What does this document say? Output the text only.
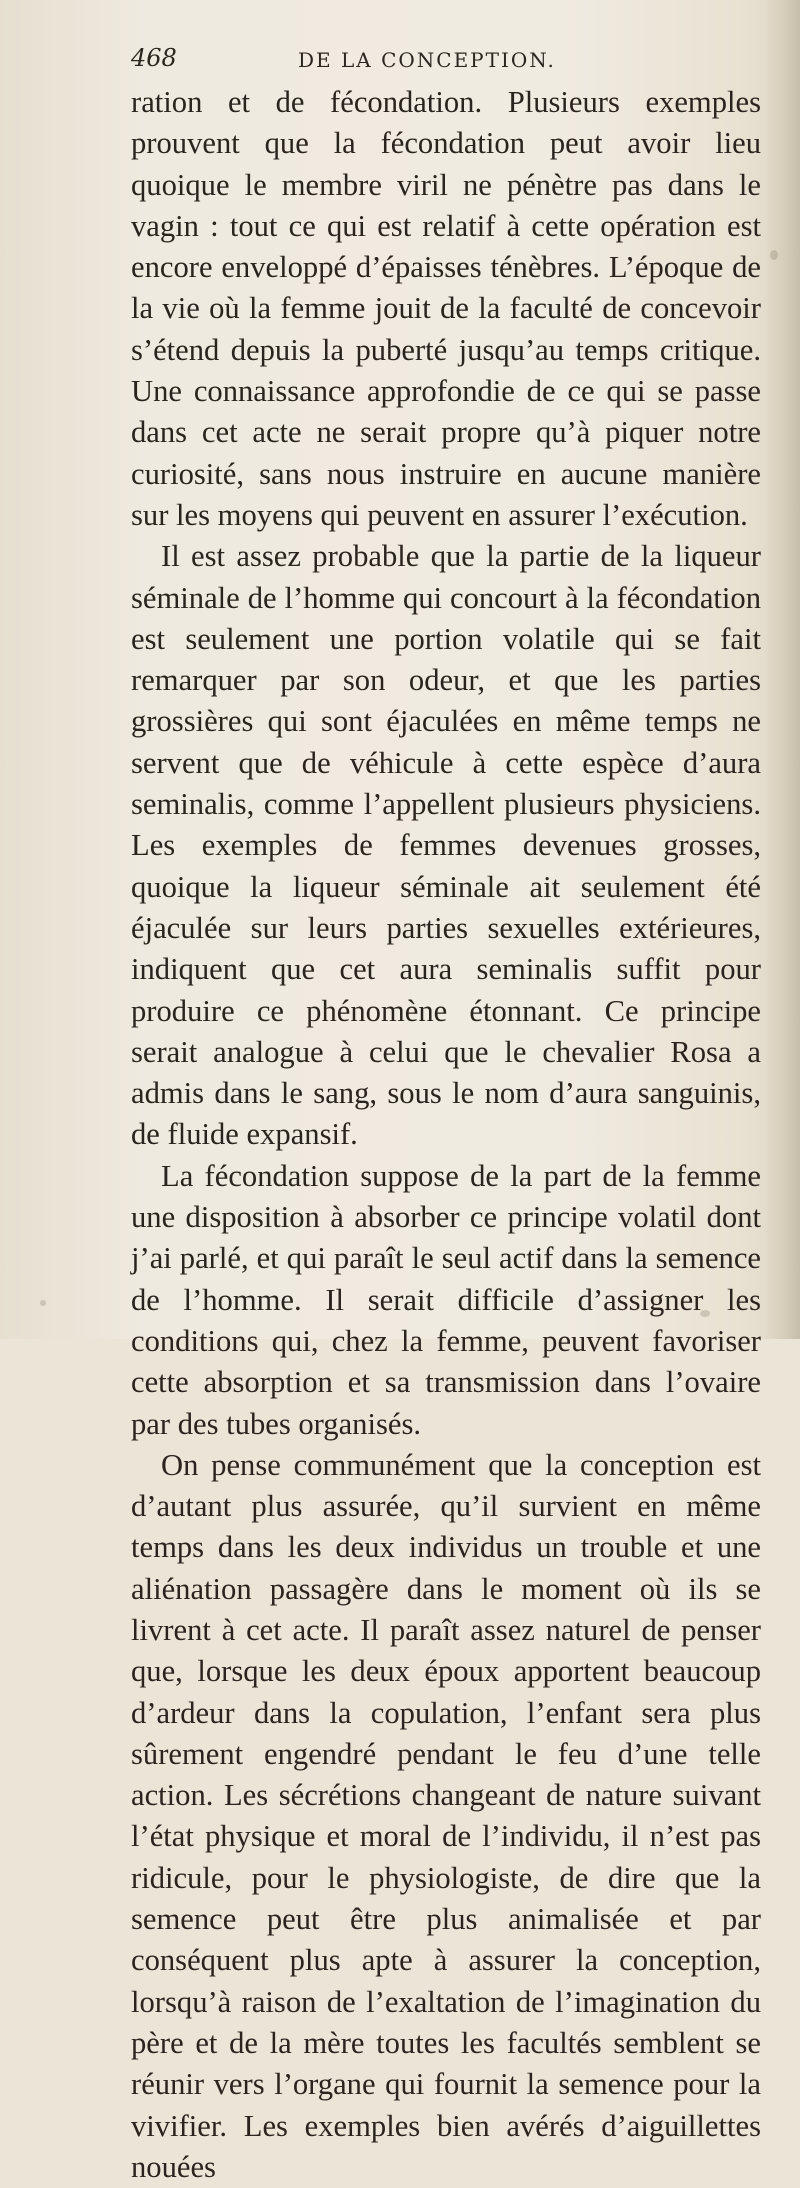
468	DE LA CONCEPTION.

ration et de fécondation. Plusieurs exemples prouvent que la fécondation peut avoir lieu quoique le membre viril ne pénètre pas dans le vagin : tout ce qui est relatif à cette opération est encore enveloppé d’épaisses ténèbres. L’époque de la vie où la femme jouit de la faculté de concevoir s’étend depuis la puberté jusqu’au temps critique. Une connaissance approfondie de ce qui se passe dans cet acte ne serait propre qu’à piquer notre curiosité, sans nous instruire en aucune manière sur les moyens qui peuvent en assurer l’exécution.

Il est assez probable que la partie de la liqueur séminale de l’homme qui concourt à la fécondation est seulement une portion volatile qui se fait remarquer par son odeur, et que les parties grossières qui sont éjaculées en même temps ne servent que de véhicule à cette espèce d’aura seminalis, comme l’appellent plusieurs physiciens. Les exemples de femmes devenues grosses, quoique la liqueur séminale ait seulement été éjaculée sur leurs parties sexuelles extérieures, indiquent que cet aura seminalis suffit pour produire ce phénomène étonnant. Ce principe serait analogue à celui que le chevalier Rosa a admis dans le sang, sous le nom d’aura sanguinis, de fluide expansif.

La fécondation suppose de la part de la femme une disposition à absorber ce principe volatil dont j’ai parlé, et qui paraît le seul actif dans la semence de l’homme. Il serait difficile d’assigner les conditions qui, chez la femme, peuvent favoriser cette absorption et sa transmission dans l’ovaire par des tubes organisés.

On pense communément que la conception est d’autant plus assurée, qu’il survient en même temps dans les deux individus un trouble et une aliénation passagère dans le moment où ils se livrent à cet acte. Il paraît assez naturel de penser que, lorsque les deux époux apportent beaucoup d’ardeur dans la copulation, l’enfant sera plus sûrement engendré pendant le feu d’une telle action. Les sécrétions changeant de nature suivant l’état physique et moral de l’individu, il n’est pas ridicule, pour le physiologiste, de dire que la semence peut être plus animalisée et par conséquent plus apte à assurer la conception, lorsqu’à raison de l’exaltation de l’imagination du père et de la mère toutes les facultés semblent se réunir vers l’organe qui fournit la semence pour la vivifier. Les exemples bien avérés d’aiguillettes nouées
